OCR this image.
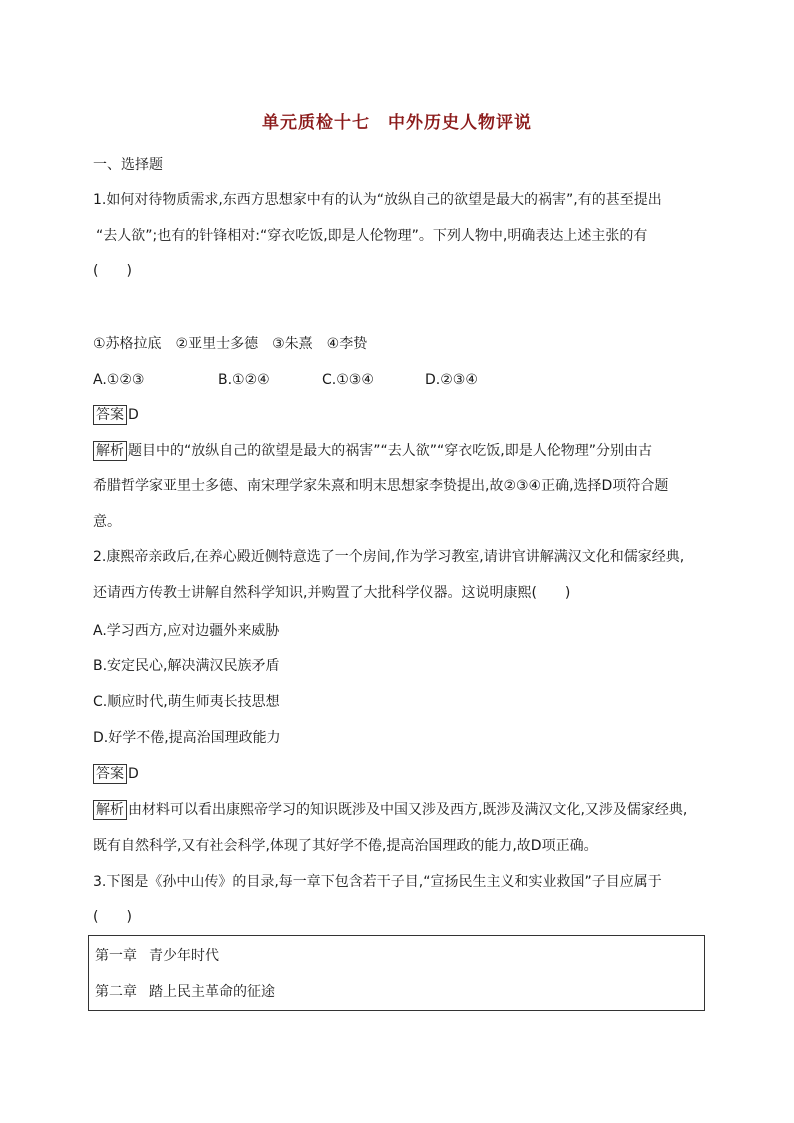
单元质检十七　中外历史人物评说
一、选择题
1.如何对待物质需求,东西方思想家中有的认为“放纵自己的欲望是最大的祸害”,有的甚至提出
“去人欲”;也有的针锋相对:“穿衣吃饭,即是人伦物理”。下列人物中,明确表达上述主张的有
(　　)
①苏格拉底　②亚里士多德　③朱熹　④李贽
A.①②③	B.①②④	C.①③④	D.②③④
答案 D
解析 题目中的“放纵自己的欲望是最大的祸害”“去人欲”“穿衣吃饭,即是人伦物理”分别由古
希腊哲学家亚里士多德、南宋理学家朱熹和明末思想家李贽提出,故②③④正确,选择D项符合题
意。
2.康熙帝亲政后,在养心殿近侧特意选了一个房间,作为学习教室,请讲官讲解满汉文化和儒家经典,
还请西方传教士讲解自然科学知识,并购置了大批科学仪器。这说明康熙(　　)
A.学习西方,应对边疆外来威胁
B.安定民心,解决满汉民族矛盾
C.顺应时代,萌生师夷长技思想
D.好学不倦,提高治国理政能力
答案 D
解析 由材料可以看出康熙帝学习的知识既涉及中国又涉及西方,既涉及满汉文化,又涉及儒家经典,
既有自然科学,又有社会科学,体现了其好学不倦,提高治国理政的能力,故D项正确。
3.下图是《孙中山传》的目录,每一章下包含若干子目,“宣扬民生主义和实业救国”子目应属于
(　　)
第一章 青少年时代
第二章 踏上民主革命的征途
